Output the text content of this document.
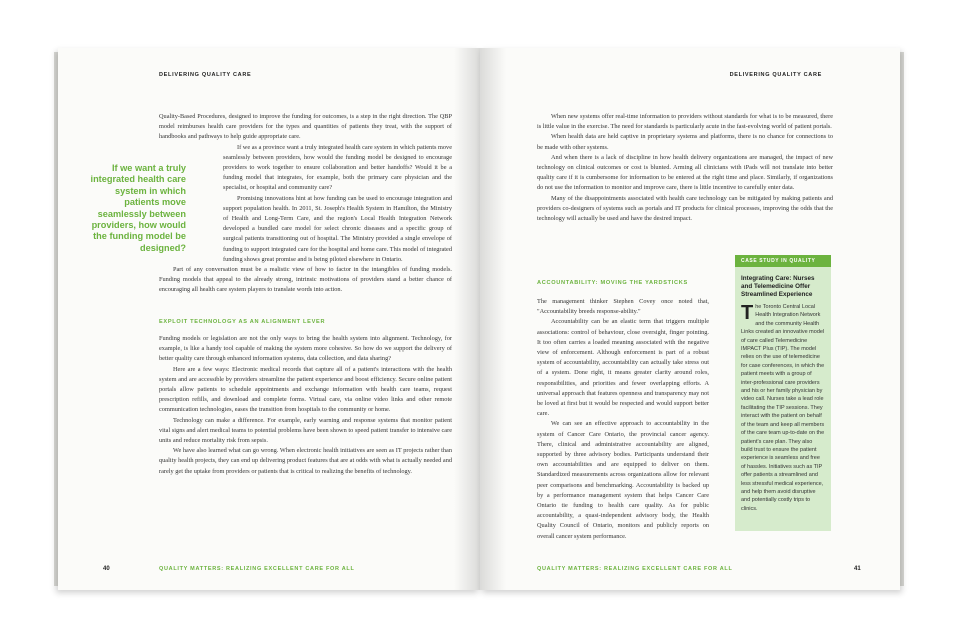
DELIVERING QUALITY CARE

Quality-Based Procedures, designed to improve the funding for outcomes, is a step in the right direction. The QBP model reimburses health care providers for the types and quantities of patients they treat, with the support of handbooks and pathways to help guide appropriate care.

If we as a province want a truly integrated health care system in which patients move seamlessly between providers, how would the funding model be designed to encourage providers to work together to ensure collaboration and better handoffs? Would it be a funding model that integrates, for example, both the primary care physician and the specialist, or hospital and community care?

Promising innovations hint at how funding can be used to encourage integration and support population health. In 2011, St. Joseph's Health System in Hamilton, the Ministry of Health and Long-Term Care, and the region's Local Health Integration Network developed a bundled care model for select chronic diseases and a specific group of surgical patients transitioning out of hospital. The Ministry provided a single envelope of funding to support integrated care for the hospital and home care. This model of integrated funding shows great promise and is being piloted elsewhere in Ontario.

Part of any conversation must be a realistic view of how to factor in the intangibles of funding models. Funding models that appeal to the already strong, intrinsic motivations of providers stand a better chance of encouraging all health care system players to translate words into action.

If we want a truly integrated health care system in which patients move seamlessly between providers, how would the funding model be designed?
EXPLOIT TECHNOLOGY AS AN ALIGNMENT LEVER

Funding models or legislation are not the only ways to bring the health system into alignment. Technology, for example, is like a handy tool capable of making the system more cohesive. So how do we support the delivery of better quality care through enhanced information systems, data collection, and data sharing?

Here are a few ways: Electronic medical records that capture all of a patient's interactions with the health system and are accessible by providers streamline the patient experience and boost efficiency. Secure online patient portals allow patients to schedule appointments and exchange information with health care teams, request prescription refills, and download and complete forms. Virtual care, via online video links and other remote communication technologies, eases the transition from hospitals to the community or home.

Technology can make a difference. For example, early warning and response systems that monitor patient vital signs and alert medical teams to potential problems have been shown to speed patient transfer to intensive care units and reduce mortality risk from sepsis.

We have also learned what can go wrong. When electronic health initiatives are seen as IT projects rather than quality health projects, they can end up delivering product features that are at odds with what is actually needed and rarely get the uptake from providers or patients that is critical to realizing the benefits of technology.

40	QUALITY MATTERS: REALIZING EXCELLENT CARE FOR ALL
DELIVERING QUALITY CARE

When new systems offer real-time information to providers without standards for what is to be measured, there is little value in the exercise. The need for standards is particularly acute in the fast-evolving world of patient portals.

When health data are held captive in proprietary systems and platforms, there is no chance for connections to be made with other systems.

And when there is a lack of discipline in how health delivery organizations are managed, the impact of new technology on clinical outcomes or cost is blunted. Arming all clinicians with iPads will not translate into better quality care if it is cumbersome for information to be entered at the right time and place. Similarly, if organizations do not use the information to monitor and improve care, there is little incentive to carefully enter data.

Many of the disappointments associated with health care technology can be mitigated by making patients and providers co-designers of systems such as portals and IT products for clinical processes, improving the odds that the technology will actually be used and have the desired impact.

ACCOUNTABILITY: MOVING THE YARDSTICKS

The management thinker Stephen Covey once noted that, "Accountability breeds response-ability."

Accountability can be an elastic term that triggers multiple associations: control of behaviour, close oversight, finger pointing. It too often carries a loaded meaning associated with the negative view of enforcement. Although enforcement is part of a robust system of accountability, accountability can actually take stress out of a system. Done right, it means greater clarity around roles, responsibilities, and priorities and fewer overlapping efforts. A universal approach that features openness and transparency may not be loved at first but it would be respected and would support better care.

We can see an effective approach to accountability in the system of Cancer Care Ontario, the provincial cancer agency. There, clinical and administrative accountability are aligned, supported by three advisory bodies. Participants understand their own accountabilities and are equipped to deliver on them. Standardized measurements across organizations allow for relevant peer comparisons and benchmarking. Accountability is backed up by a performance management system that helps Cancer Care Ontario tie funding to health care quality. As for public accountability, a quasi-independent advisory body, the Health Quality Council of Ontario, monitors and publicly reports on overall cancer system performance.

CASE STUDY IN QUALITY
Integrating Care: Nurses and Telemedicine Offer Streamlined Experience
The Toronto Central Local Health Integration Network and the community Health Links created an innovative model of care called Telemedicine IMPACT Plus (TIP). The model relies on the use of telemedicine for case conferences, in which the patient meets with a group of inter-professional care providers and his or her family physician by video call. Nurses take a lead role facilitating the TIP sessions. They interact with the patient on behalf of the team and keep all members of the care team up-to-date on the patient's care plan. They also build trust to ensure the patient experience is seamless and free of hassles. Initiatives such as TIP offer patients a streamlined and less stressful medical experience, and help them avoid disruptive and potentially costly trips to clinics.
QUALITY MATTERS: REALIZING EXCELLENT CARE FOR ALL	41
